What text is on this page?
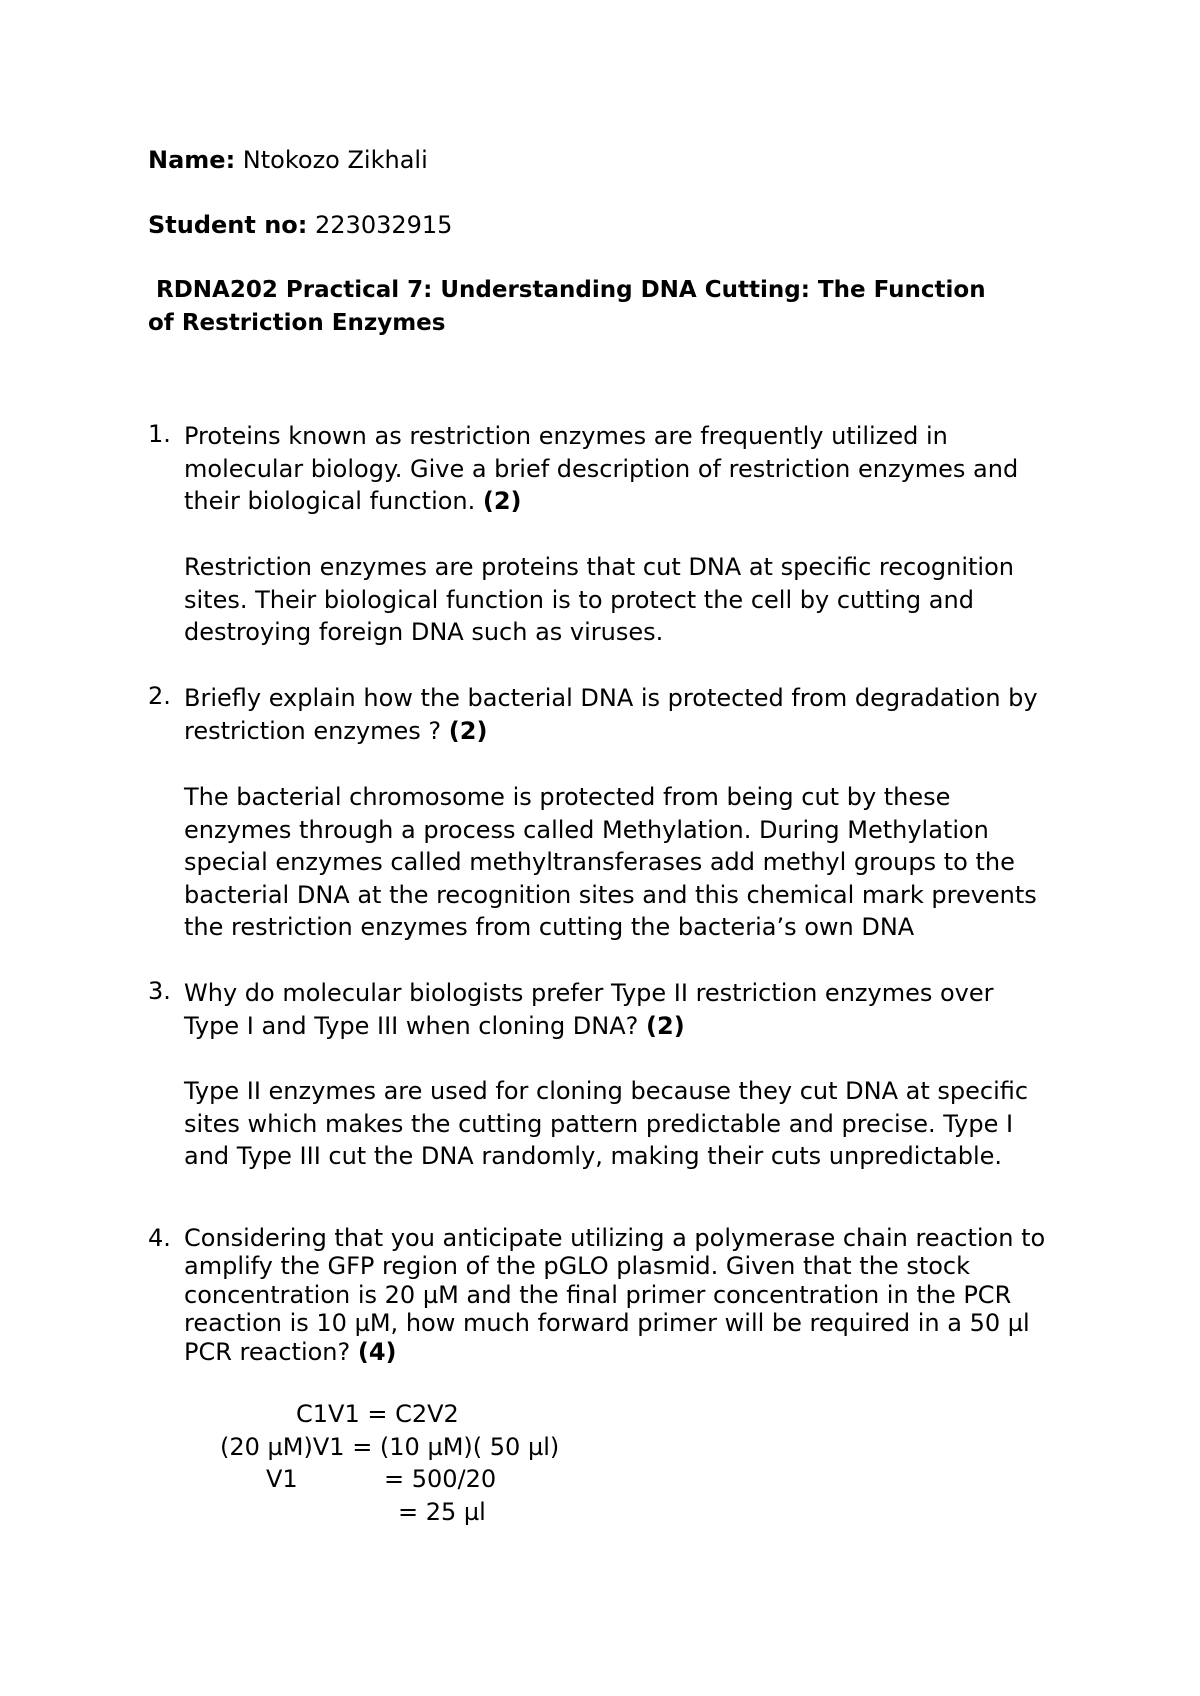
Name: Ntokozo Zikhali
Student no: 223032915
RDNA202 Practical 7: Understanding DNA Cutting: The Function
of Restriction Enzymes
1. Proteins known as restriction enzymes are frequently utilized in
molecular biology. Give a brief description of restriction enzymes and
their biological function. (2)
Restriction enzymes are proteins that cut DNA at specific recognition
sites. Their biological function is to protect the cell by cutting and
destroying foreign DNA such as viruses.
2. Briefly explain how the bacterial DNA is protected from degradation by
restriction enzymes ? (2)
The bacterial chromosome is protected from being cut by these
enzymes through a process called Methylation. During Methylation
special enzymes called methyltransferases add methyl groups to the
bacterial DNA at the recognition sites and this chemical mark prevents
the restriction enzymes from cutting the bacteria’s own DNA
3. Why do molecular biologists prefer Type II restriction enzymes over
Type I and Type III when cloning DNA? (2)
Type II enzymes are used for cloning because they cut DNA at specific
sites which makes the cutting pattern predictable and precise. Type I
and Type III cut the DNA randomly, making their cuts unpredictable.
4. Considering that you anticipate utilizing a polymerase chain reaction to
amplify the GFP region of the pGLO plasmid. Given that the stock
concentration is 20 µM and the final primer concentration in the PCR
reaction is 10 µM, how much forward primer will be required in a 50 µl
PCR reaction? (4)
C1V1 = C2V2
(20 µM)V1 = (10 µM)( 50 µl)
V1	= 500/20
= 25 µl
